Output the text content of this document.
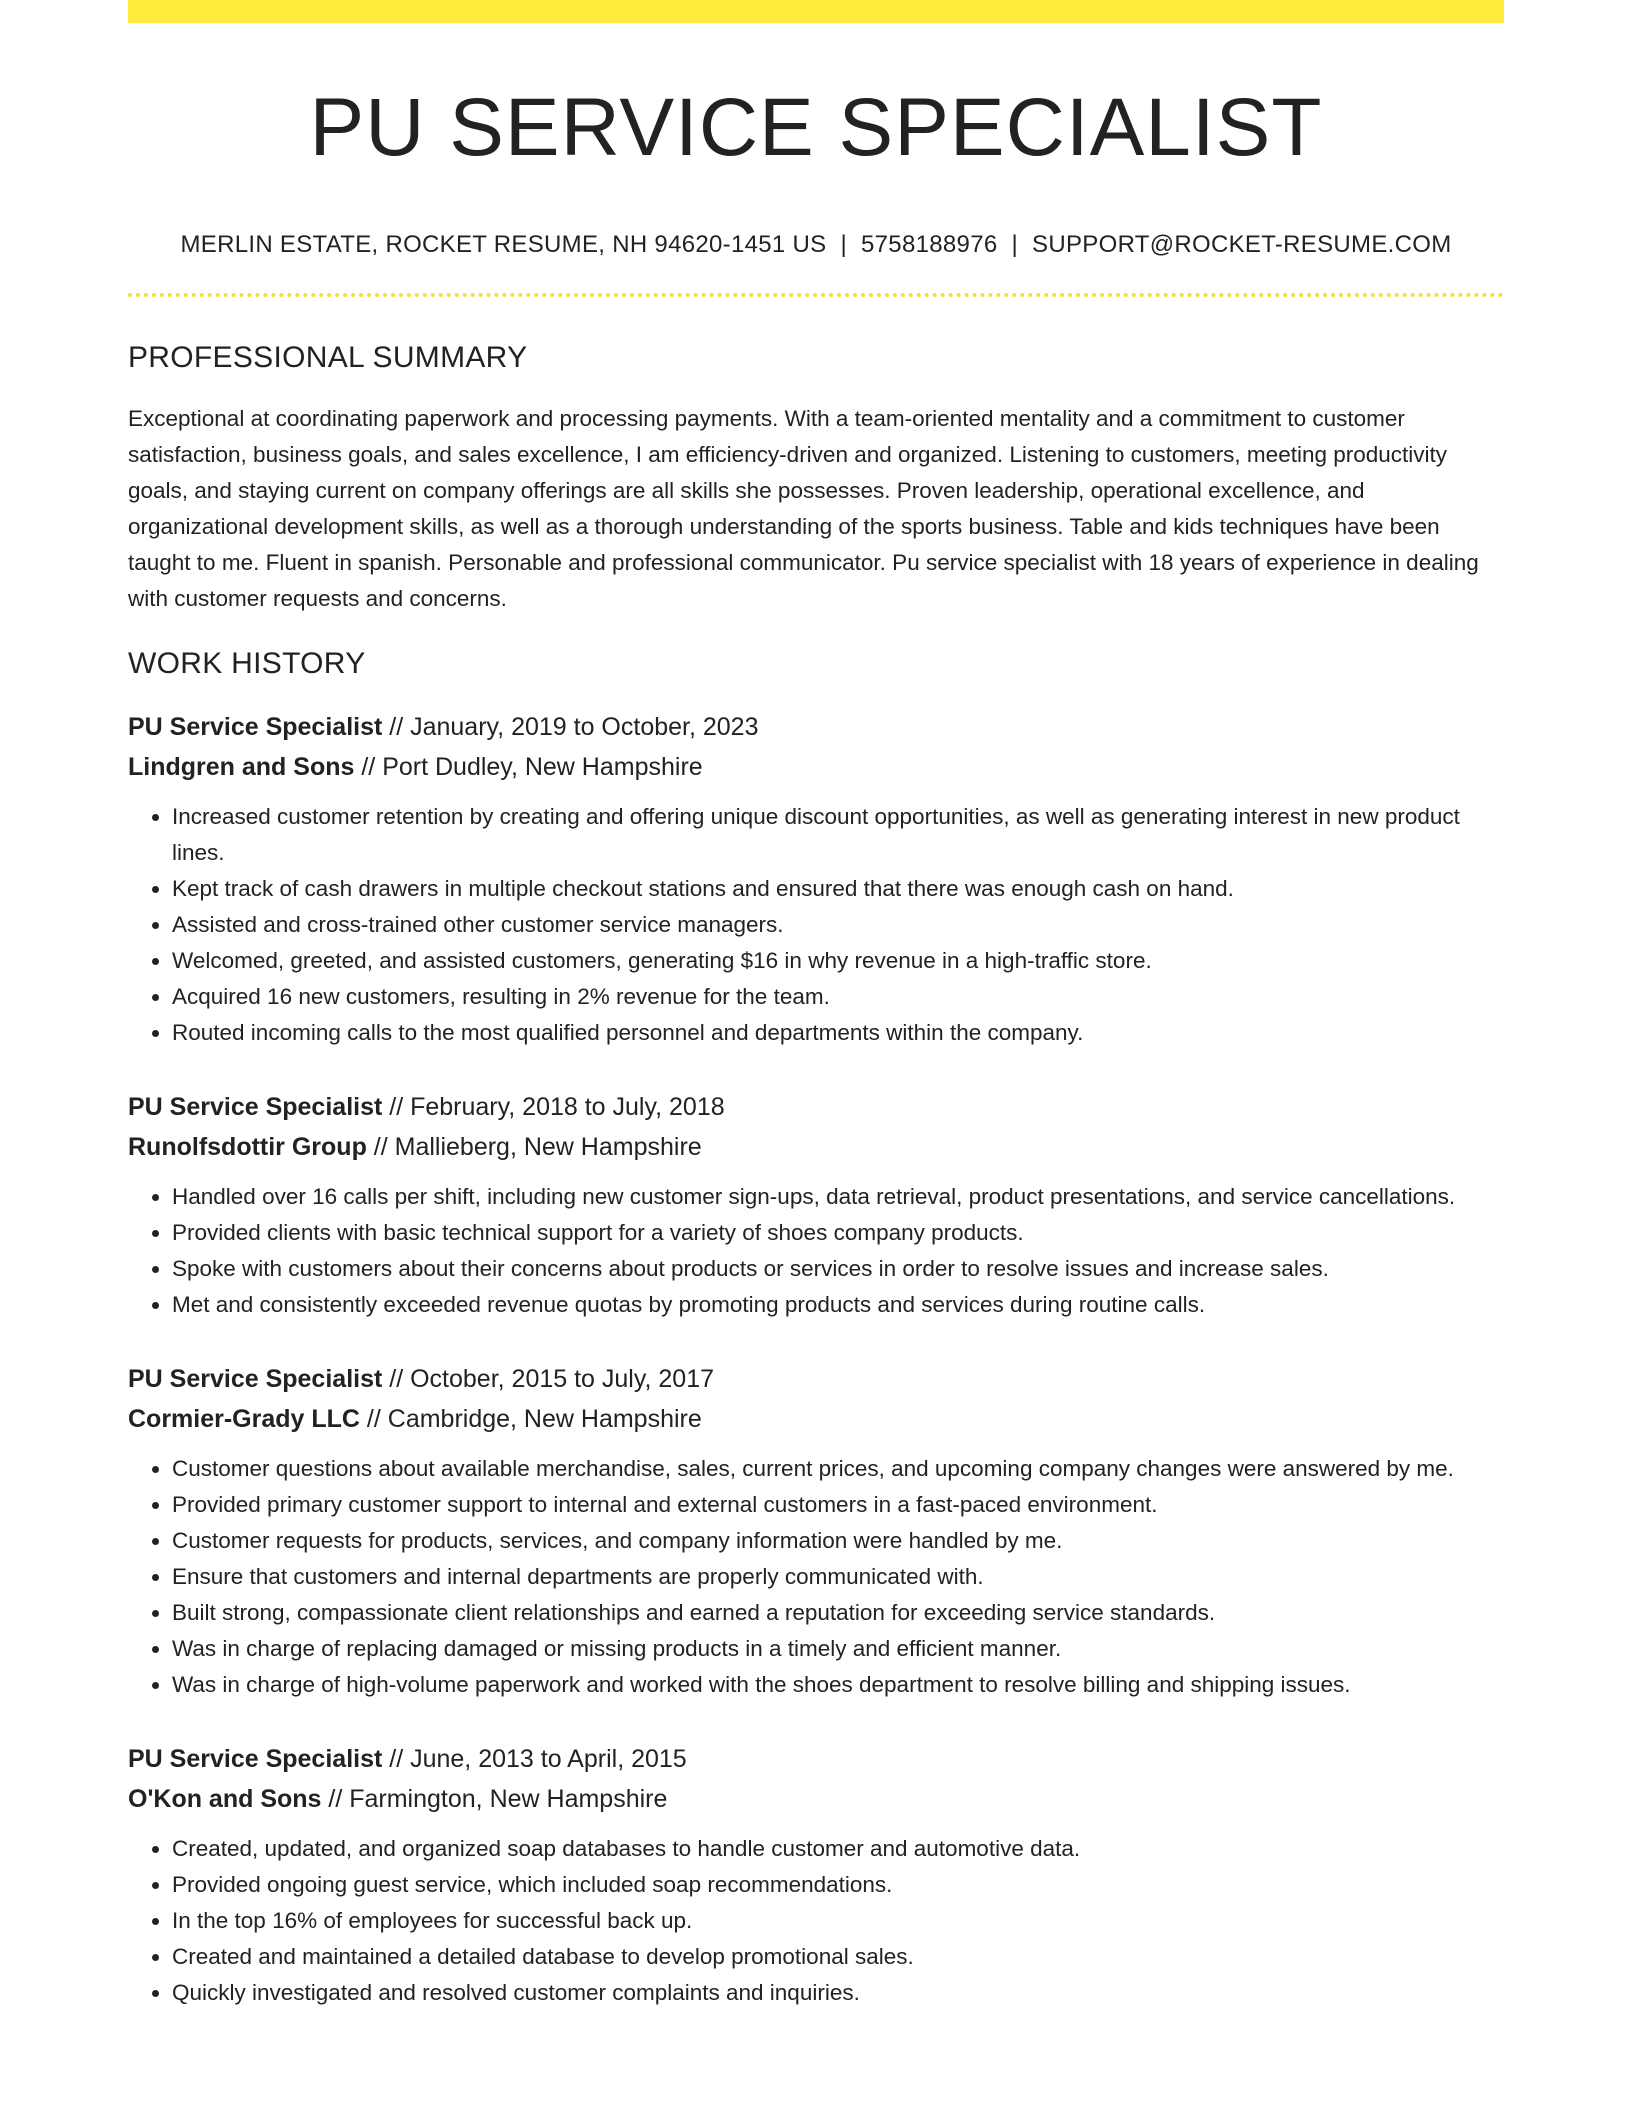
PU SERVICE SPECIALIST
MERLIN ESTATE, ROCKET RESUME, NH 94620-1451 US | 5758188976 | SUPPORT@ROCKET-RESUME.COM
PROFESSIONAL SUMMARY

Exceptional at coordinating paperwork and processing payments. With a team-oriented mentality and a commitment to customer satisfaction, business goals, and sales excellence, I am efficiency-driven and organized. Listening to customers, meeting productivity goals, and staying current on company offerings are all skills she possesses. Proven leadership, operational excellence, and organizational development skills, as well as a thorough understanding of the sports business. Table and kids techniques have been taught to me. Fluent in spanish. Personable and professional communicator. Pu service specialist with 18 years of experience in dealing with customer requests and concerns.

WORK HISTORY
PU Service Specialist // January, 2019 to October, 2023
Lindgren and Sons // Port Dudley, New Hampshire
• Increased customer retention by creating and offering unique discount opportunities, as well as generating interest in new product lines.
• Kept track of cash drawers in multiple checkout stations and ensured that there was enough cash on hand.
• Assisted and cross-trained other customer service managers.
• Welcomed, greeted, and assisted customers, generating $16 in why revenue in a high-traffic store.
• Acquired 16 new customers, resulting in 2% revenue for the team.
• Routed incoming calls to the most qualified personnel and departments within the company.
PU Service Specialist // February, 2018 to July, 2018
Runolfsdottir Group // Mallieberg, New Hampshire
• Handled over 16 calls per shift, including new customer sign-ups, data retrieval, product presentations, and service cancellations.
• Provided clients with basic technical support for a variety of shoes company products.
• Spoke with customers about their concerns about products or services in order to resolve issues and increase sales.
• Met and consistently exceeded revenue quotas by promoting products and services during routine calls.
PU Service Specialist // October, 2015 to July, 2017
Cormier-Grady LLC // Cambridge, New Hampshire
• Customer questions about available merchandise, sales, current prices, and upcoming company changes were answered by me.
• Provided primary customer support to internal and external customers in a fast-paced environment.
• Customer requests for products, services, and company information were handled by me.
• Ensure that customers and internal departments are properly communicated with.
• Built strong, compassionate client relationships and earned a reputation for exceeding service standards.
• Was in charge of replacing damaged or missing products in a timely and efficient manner.
• Was in charge of high-volume paperwork and worked with the shoes department to resolve billing and shipping issues.
PU Service Specialist // June, 2013 to April, 2015
O'Kon and Sons // Farmington, New Hampshire
• Created, updated, and organized soap databases to handle customer and automotive data.
• Provided ongoing guest service, which included soap recommendations.
• In the top 16% of employees for successful back up.
• Created and maintained a detailed database to develop promotional sales.
• Quickly investigated and resolved customer complaints and inquiries.
